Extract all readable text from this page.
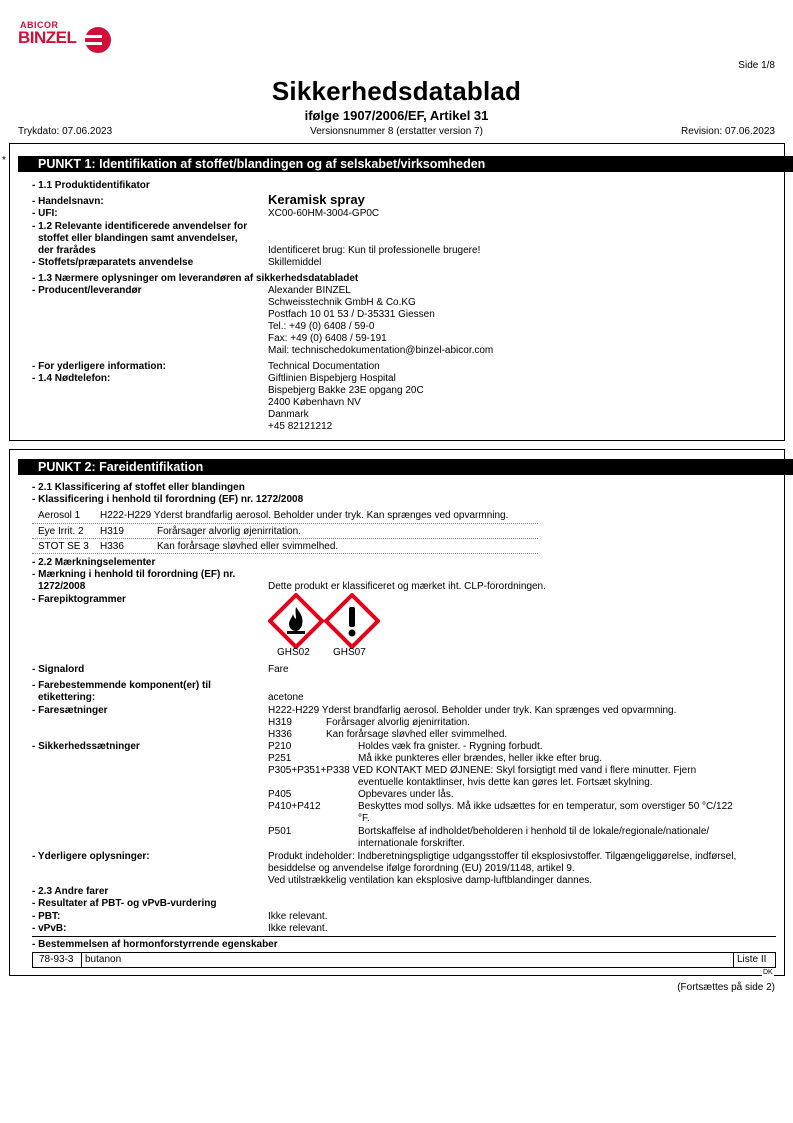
ABICOR
BINZEL
Side 1/8
Sikkerhedsdatablad
ifølge 1907/2006/EF, Artikel 31
Trykdato: 07.06.2023	Versionsnummer 8 (erstatter version 7)	Revision: 07.06.2023
*	PUNKT 1: Identifikation af stoffet/blandingen og af selskabet/virksomheden
- 1.1 Produktidentifikator
- Handelsnavn:	Keramisk spray
- UFI:	XC00-60HM-3004-GP0C
- 1.2 Relevante identificerede anvendelser for
stoffet eller blandingen samt anvendelser,
der frarådes	Identificeret brug: Kun til professionelle brugere!
- Stoffets/præparatets anvendelse	Skillemiddel
- 1.3 Nærmere oplysninger om leverandøren af sikkerhedsdatabladet
- Producent/leverandør	Alexander BINZEL
Schweisstechnik GmbH & Co.KG
Postfach 10 01 53 / D-35331 Giessen
Tel.: +49 (0) 6408 / 59-0
Fax: +49 (0) 6408 / 59-191
Mail: technischedokumentation@binzel-abicor.com
- For yderligere information:	Technical Documentation
- 1.4 Nødtelefon:	Giftlinien Bispebjerg Hospital
Bispebjerg Bakke 23E opgang 20C
2400 København NV
Danmark
+45 82121212
PUNKT 2: Fareidentifikation
- 2.1 Klassificering af stoffet eller blandingen
- Klassificering i henhold til forordning (EF) nr. 1272/2008
Aerosol 1 H222-H229 Yderst brandfarlig aerosol. Beholder under tryk. Kan sprænges ved opvarmning.
Eye Irrit. 2 H319	Forårsager alvorlig øjenirritation.
STOT SE 3 H336	Kan forårsage sløvhed eller svimmelhed.
- 2.2 Mærkningselementer
- Mærkning i henhold til forordning (EF) nr.
1272/2008	Dette produkt er klassificeret og mærket iht. CLP-forordningen.
- Farepiktogrammer
GHS02 GHS07
- Signalord	Fare
- Farebestemmende komponent(er) til
etikettering:	acetone
- Faresætninger	H222-H229 Yderst brandfarlig aerosol. Beholder under tryk. Kan sprænges ved opvarmning.
H319	Forårsager alvorlig øjenirritation.
H336	Kan forårsage sløvhed eller svimmelhed.
- Sikkerhedssætninger	P210	Holdes væk fra gnister. - Rygning forbudt.
P251	Må ikke punkteres eller brændes, heller ikke efter brug.
P305+P351+P338 VED KONTAKT MED ØJNENE: Skyl forsigtigt med vand i flere minutter. Fjern
eventuelle kontaktlinser, hvis dette kan gøres let. Fortsæt skylning.
P405	Opbevares under lås.
P410+P412	Beskyttes mod sollys. Må ikke udsættes for en temperatur, som overstiger 50 °C/122
°F.
P501	Bortskaffelse af indholdet/beholderen i henhold til de lokale/regionale/nationale/
internationale forskrifter.
- Yderligere oplysninger:	Produkt indeholder: Indberetningspligtige udgangsstoffer til eksplosivstoffer. Tilgængeliggørelse, indførsel,
besiddelse og anvendelse ifølge forordning (EU) 2019/1148, artikel 9.
Ved utilstrækkelig ventilation kan eksplosive damp-luftblandinger dannes.
- 2.3 Andre farer
- Resultater af PBT- og vPvB-vurdering
- PBT:	Ikke relevant.
- vPvB:	Ikke relevant.
- Bestemmelsen af hormonforstyrrende egenskaber
78-93-3 butanon	Liste II
DK
(Fortsættes på side 2)
